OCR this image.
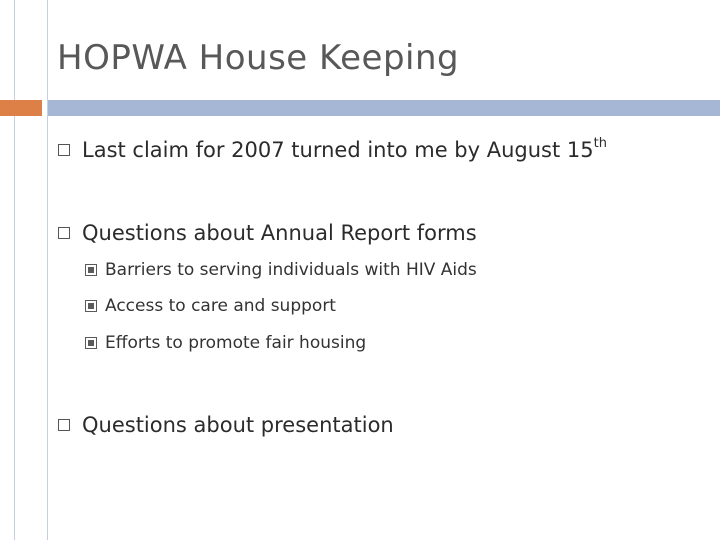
HOPWA House Keeping
Last claim for 2007 turned into me by August 15th
Questions about Annual Report forms
Barriers to serving individuals with HIV Aids
Access to care and support
Efforts to promote fair housing
Questions about presentation
